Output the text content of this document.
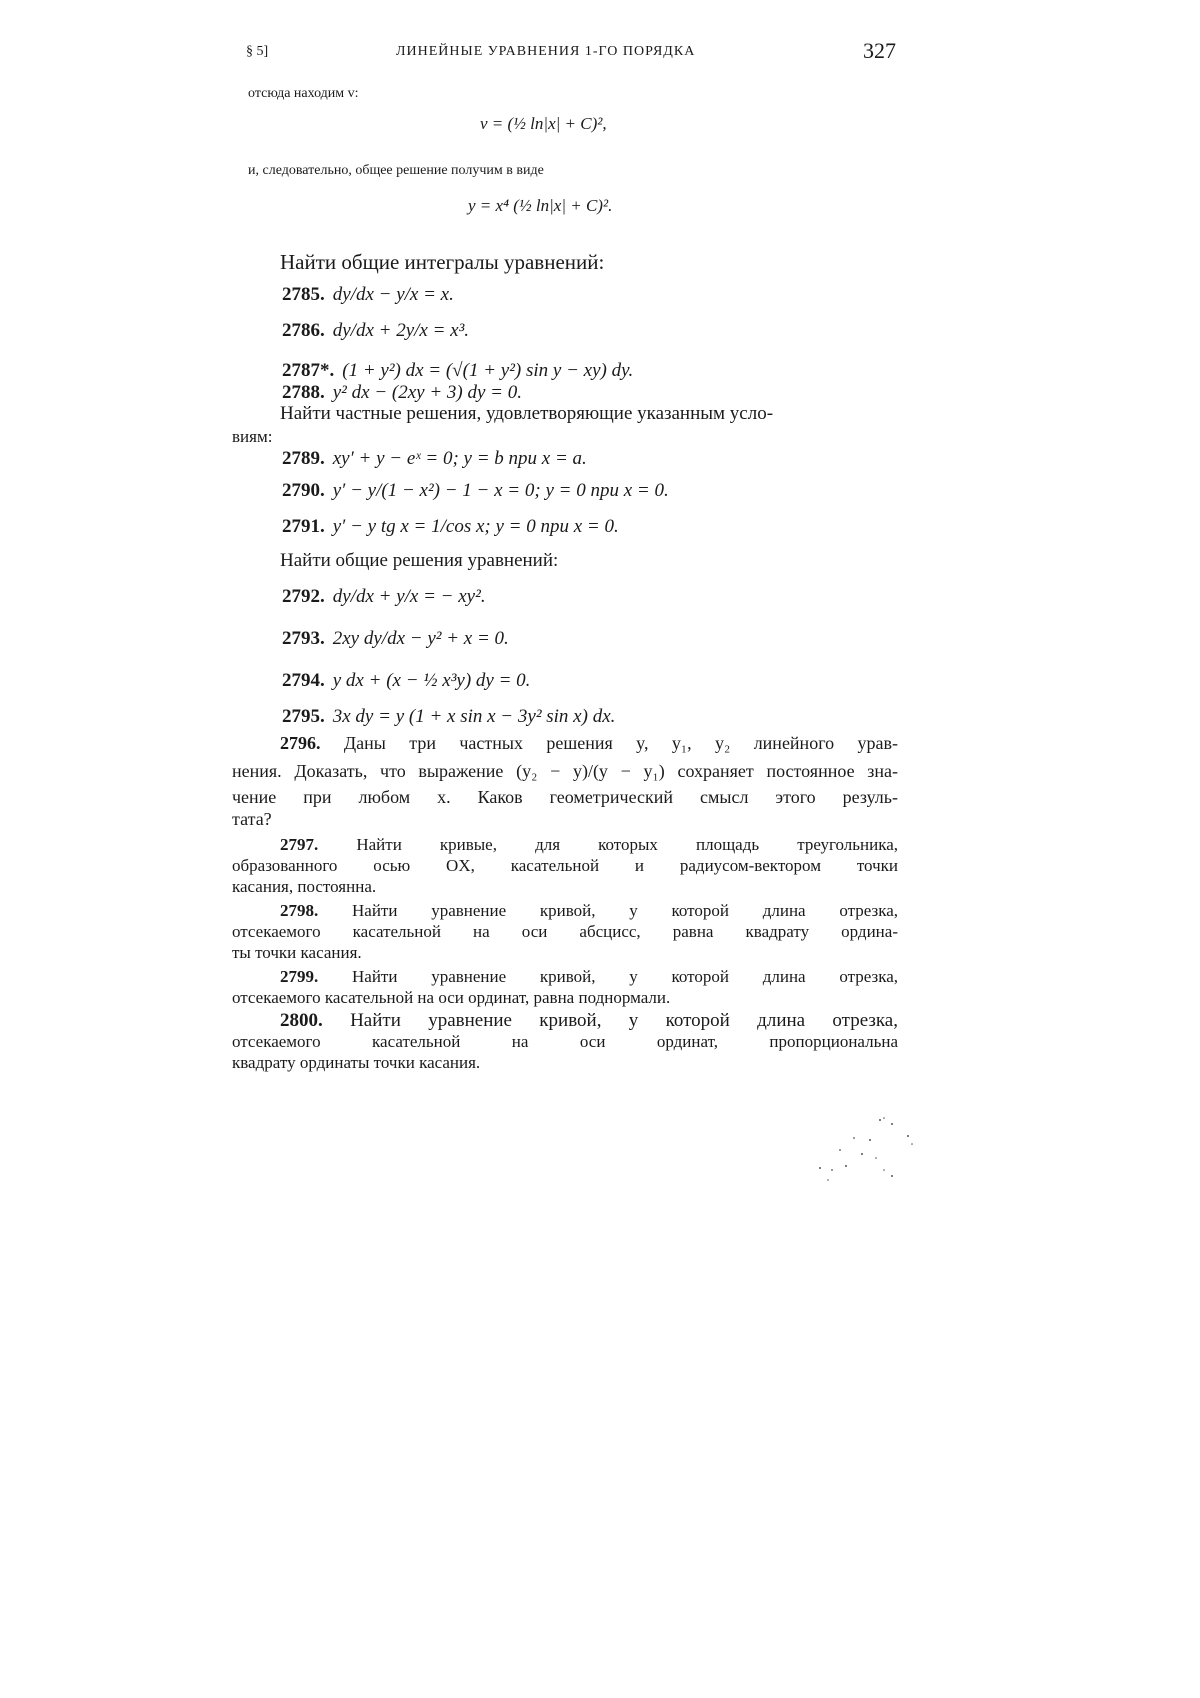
§ 5]	ЛИНЕЙНЫЕ УРАВНЕНИЯ 1-ГО ПОРЯДКА	327
отсюда находим v:
v = (½ ln|x| + C)²,
и, следовательно, общее решение получим в виде
y = x⁴ (½ ln|x| + C)².
Найти общие интегралы уравнений:
2785. dy/dx − y/x = x.
2786. dy/dx + 2y/x = x³.
2787*. (1 + y²) dx = (√(1 + y²) sin y − xy) dy.
2788. y² dx − (2xy + 3) dy = 0.
Найти частные решения, удовлетворяющие указанным усло-
виям:
2789. xy′ + y − eˣ = 0; y = b при x = a.
2790. y′ − y/(1 − x²) − 1 − x = 0; y = 0 при x = 0.
2791. y′ − y tg x = 1/cos x; y = 0 при x = 0.
Найти общие решения уравнений:
2792. dy/dx + y/x = − xy².
2793. 2xy dy/dx − y² + x = 0.
2794. y dx + (x − ½ x³y) dy = 0.
2795. 3x dy = y (1 + x sin x − 3y² sin x) dx.
2796. Даны три частных решения y, y₁, y₂ линейного урав-
нения. Доказать, что выражение (y₂ − y)/(y − y₁) сохраняет постоянное зна-
чение при любом x. Каков геометрический смысл этого резуль-
тата?
2797. Найти кривые, для которых площадь треугольника,
образованного осью OX, касательной и радиусом-вектором точки
касания, постоянна.
2798. Найти уравнение кривой, у которой длина отрезка,
отсекаемого касательной на оси абсцисс, равна квадрату ордина-
ты точки касания.
2799. Найти уравнение кривой, у которой длина отрезка,
отсекаемого касательной на оси ординат, равна поднормали.
2800. Найти уравнение кривой, у которой длина отрезка,
отсекаемого касательной на оси ординат, пропорциональна
квадрату ординаты точки касания.
